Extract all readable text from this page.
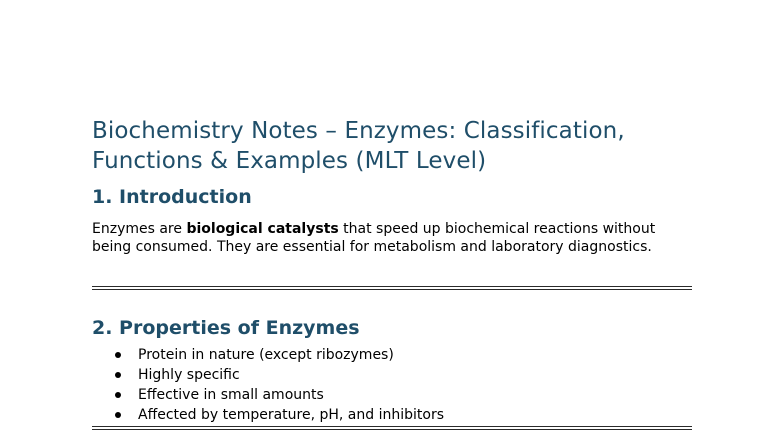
Biochemistry Notes – Enzymes: Classification, Functions & Examples (MLT Level)
1. Introduction

Enzymes are biological catalysts that speed up biochemical reactions without being consumed. They are essential for metabolism and laboratory diagnostics.

2. Properties of Enzymes
Protein in nature (except ribozymes)
Highly specific
Effective in small amounts
Affected by temperature, pH, and inhibitors
